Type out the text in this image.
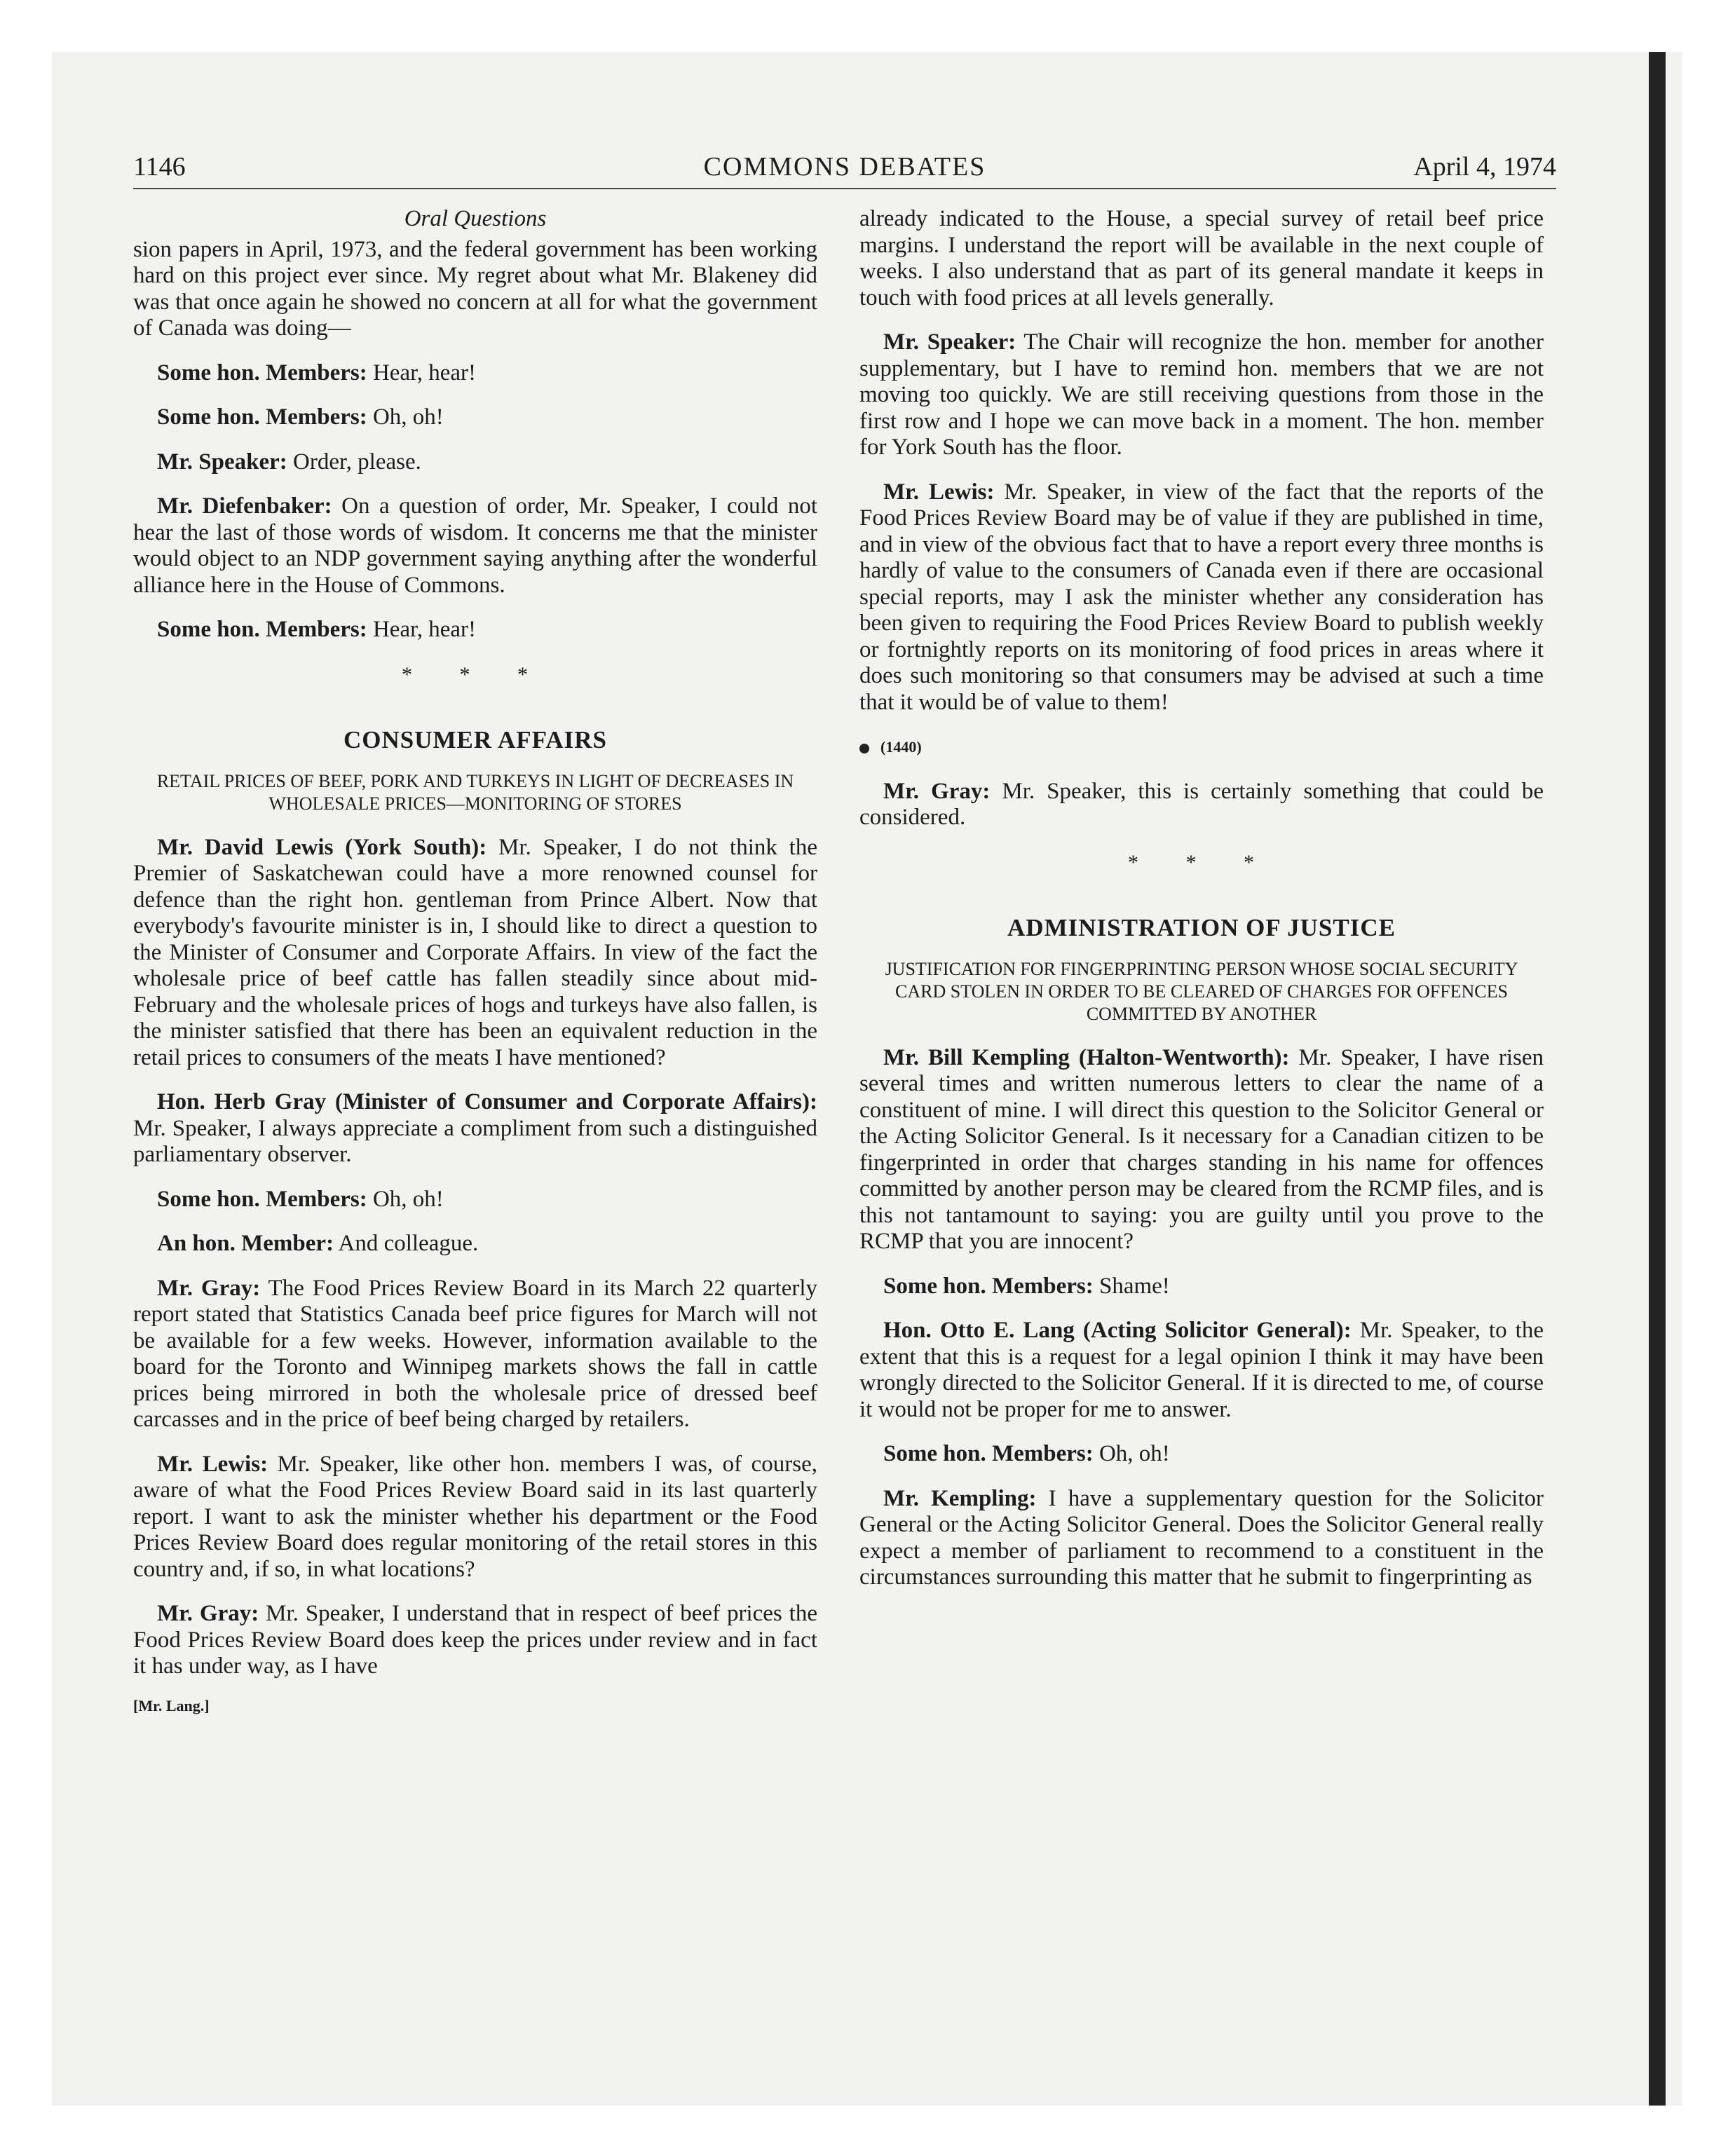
1146	COMMONS DEBATES	April 4, 1974
Oral Questions

sion papers in April, 1973, and the federal government has been working hard on this project ever since. My regret about what Mr. Blakeney did was that once again he showed no concern at all for what the government of Canada was doing—

Some hon. Members: Hear, hear!

Some hon. Members: Oh, oh!

Mr. Speaker: Order, please.

Mr. Diefenbaker: On a question of order, Mr. Speaker, I could not hear the last of those words of wisdom. It concerns me that the minister would object to an NDP government saying anything after the wonderful alliance here in the House of Commons.

Some hon. Members: Hear, hear!

* * *
CONSUMER AFFAIRS
RETAIL PRICES OF BEEF, PORK AND TURKEYS IN LIGHT OF DECREASES IN WHOLESALE PRICES—MONITORING OF STORES

Mr. David Lewis (York South): Mr. Speaker, I do not think the Premier of Saskatchewan could have a more renowned counsel for defence than the right hon. gentleman from Prince Albert. Now that everybody's favourite minister is in, I should like to direct a question to the Minister of Consumer and Corporate Affairs. In view of the fact the wholesale price of beef cattle has fallen steadily since about mid-February and the wholesale prices of hogs and turkeys have also fallen, is the minister satisfied that there has been an equivalent reduction in the retail prices to consumers of the meats I have mentioned?

Hon. Herb Gray (Minister of Consumer and Corporate Affairs): Mr. Speaker, I always appreciate a compliment from such a distinguished parliamentary observer.

Some hon. Members: Oh, oh!

An hon. Member: And colleague.

Mr. Gray: The Food Prices Review Board in its March 22 quarterly report stated that Statistics Canada beef price figures for March will not be available for a few weeks. However, information available to the board for the Toronto and Winnipeg markets shows the fall in cattle prices being mirrored in both the wholesale price of dressed beef carcasses and in the price of beef being charged by retailers.

Mr. Lewis: Mr. Speaker, like other hon. members I was, of course, aware of what the Food Prices Review Board said in its last quarterly report. I want to ask the minister whether his department or the Food Prices Review Board does regular monitoring of the retail stores in this country and, if so, in what locations?

Mr. Gray: Mr. Speaker, I understand that in respect of beef prices the Food Prices Review Board does keep the prices under review and in fact it has under way, as I have

[Mr. Lang.]

already indicated to the House, a special survey of retail beef price margins. I understand the report will be available in the next couple of weeks. I also understand that as part of its general mandate it keeps in touch with food prices at all levels generally.

Mr. Speaker: The Chair will recognize the hon. member for another supplementary, but I have to remind hon. members that we are not moving too quickly. We are still receiving questions from those in the first row and I hope we can move back in a moment. The hon. member for York South has the floor.

Mr. Lewis: Mr. Speaker, in view of the fact that the reports of the Food Prices Review Board may be of value if they are published in time, and in view of the obvious fact that to have a report every three months is hardly of value to the consumers of Canada even if there are occasional special reports, may I ask the minister whether any consideration has been given to requiring the Food Prices Review Board to publish weekly or fortnightly reports on its monitoring of food prices in areas where it does such monitoring so that consumers may be advised at such a time that it would be of value to them!

(1440)

Mr. Gray: Mr. Speaker, this is certainly something that could be considered.

* * *
ADMINISTRATION OF JUSTICE
JUSTIFICATION FOR FINGERPRINTING PERSON WHOSE SOCIAL SECURITY CARD STOLEN IN ORDER TO BE CLEARED OF CHARGES FOR OFFENCES COMMITTED BY ANOTHER

Mr. Bill Kempling (Halton-Wentworth): Mr. Speaker, I have risen several times and written numerous letters to clear the name of a constituent of mine. I will direct this question to the Solicitor General or the Acting Solicitor General. Is it necessary for a Canadian citizen to be fingerprinted in order that charges standing in his name for offences committed by another person may be cleared from the RCMP files, and is this not tantamount to saying: you are guilty until you prove to the RCMP that you are innocent?

Some hon. Members: Shame!

Hon. Otto E. Lang (Acting Solicitor General): Mr. Speaker, to the extent that this is a request for a legal opinion I think it may have been wrongly directed to the Solicitor General. If it is directed to me, of course it would not be proper for me to answer.

Some hon. Members: Oh, oh!

Mr. Kempling: I have a supplementary question for the Solicitor General or the Acting Solicitor General. Does the Solicitor General really expect a member of parliament to recommend to a constituent in the circumstances surrounding this matter that he submit to fingerprinting as
